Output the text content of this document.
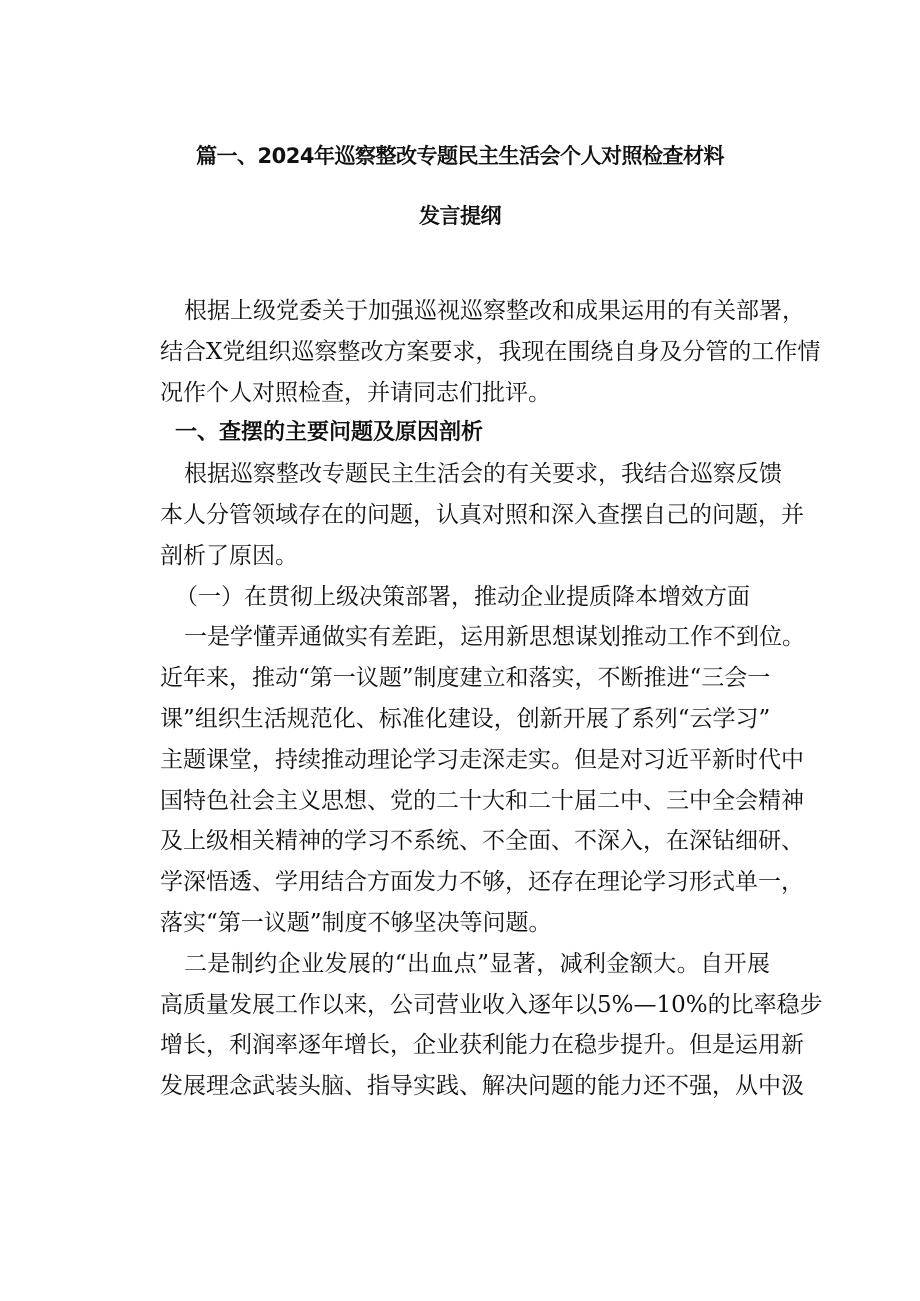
篇一、2024年巡察整改专题民主生活会个人对照检查材料
发言提纲
根据上级党委关于加强巡视巡察整改和成果运用的有关部署，
结合X党组织巡察整改方案要求，我现在围绕自身及分管的工作情
况作个人对照检查，并请同志们批评。
一、查摆的主要问题及原因剖析
根据巡察整改专题民主生活会的有关要求，我结合巡察反馈
本人分管领域存在的问题，认真对照和深入查摆自己的问题，并
剖析了原因。
（一）在贯彻上级决策部署，推动企业提质降本增效方面
一是学懂弄通做实有差距，运用新思想谋划推动工作不到位。
近年来，推动“第一议题”制度建立和落实，不断推进“三会一
课”组织生活规范化、标准化建设，创新开展了系列“云学习”
主题课堂，持续推动理论学习走深走实。但是对习近平新时代中
国特色社会主义思想、党的二十大和二十届二中、三中全会精神
及上级相关精神的学习不系统、不全面、不深入，在深钻细研、
学深悟透、学用结合方面发力不够，还存在理论学习形式单一，
落实“第一议题”制度不够坚决等问题。
二是制约企业发展的“出血点”显著，减利金额大。自开展
高质量发展工作以来，公司营业收入逐年以5%—10%的比率稳步
增长，利润率逐年增长，企业获利能力在稳步提升。但是运用新
发展理念武装头脑、指导实践、解决问题的能力还不强，从中汲
